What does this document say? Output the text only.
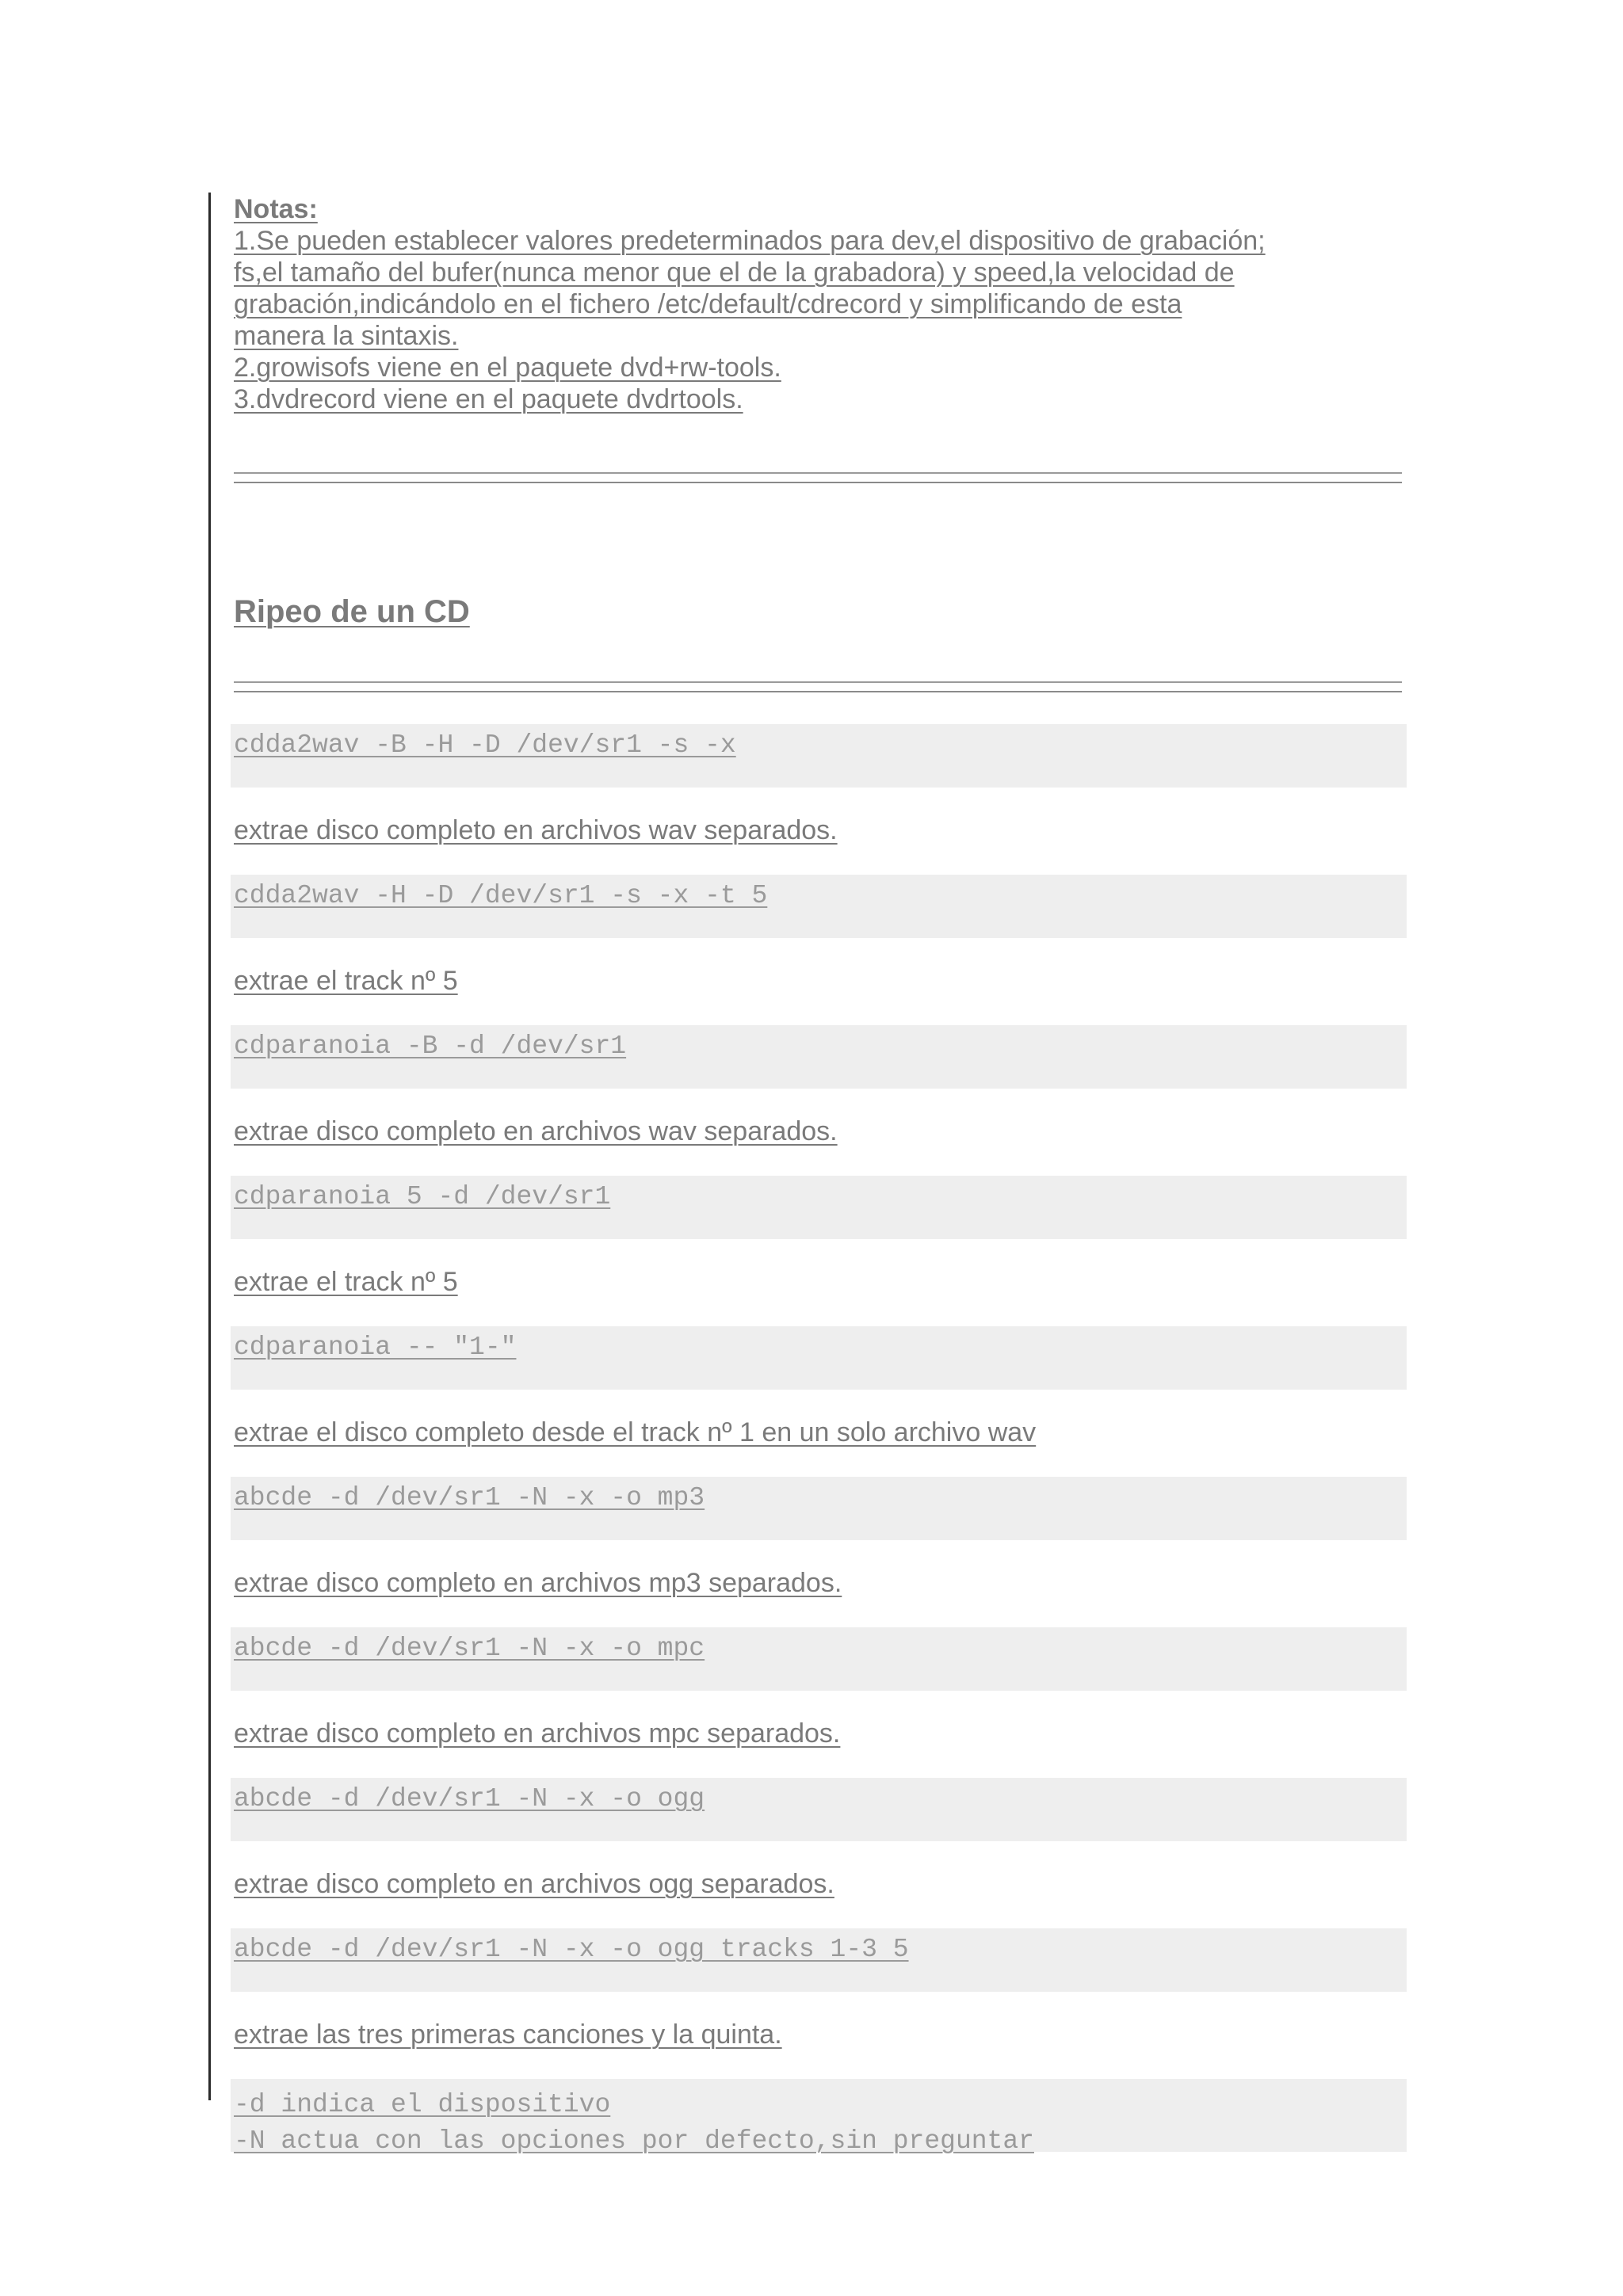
Notas:
1.Se pueden establecer valores predeterminados para dev,el dispositivo de grabación;
fs,el tamaño del bufer(nunca menor que el de la grabadora) y speed,la velocidad de
grabación,indicándolo en el fichero /etc/default/cdrecord y simplificando de esta
manera la sintaxis.
2.growisofs viene en el paquete dvd+rw-tools.
3.dvdrecord viene en el paquete dvdrtools.
Ripeo de un CD
cdda2wav -B -H -D /dev/sr1 -s -x
extrae disco completo en archivos wav separados.
cdda2wav -H -D /dev/sr1 -s -x -t 5
extrae el track nº 5
cdparanoia -B -d /dev/sr1
extrae disco completo en archivos wav separados.
cdparanoia 5 -d /dev/sr1
extrae el track nº 5
cdparanoia -- "1-"
extrae el disco completo desde el track nº 1 en un solo archivo wav
abcde -d /dev/sr1 -N -x -o mp3
extrae disco completo en archivos mp3 separados.
abcde -d /dev/sr1 -N -x -o mpc
extrae disco completo en archivos mpc separados.
abcde -d /dev/sr1 -N -x -o ogg
extrae disco completo en archivos ogg separados.
abcde -d /dev/sr1 -N -x -o ogg tracks 1-3 5
extrae las tres primeras canciones y la quinta.
-d indica el dispositivo
-N actua con las opciones por defecto,sin preguntar
